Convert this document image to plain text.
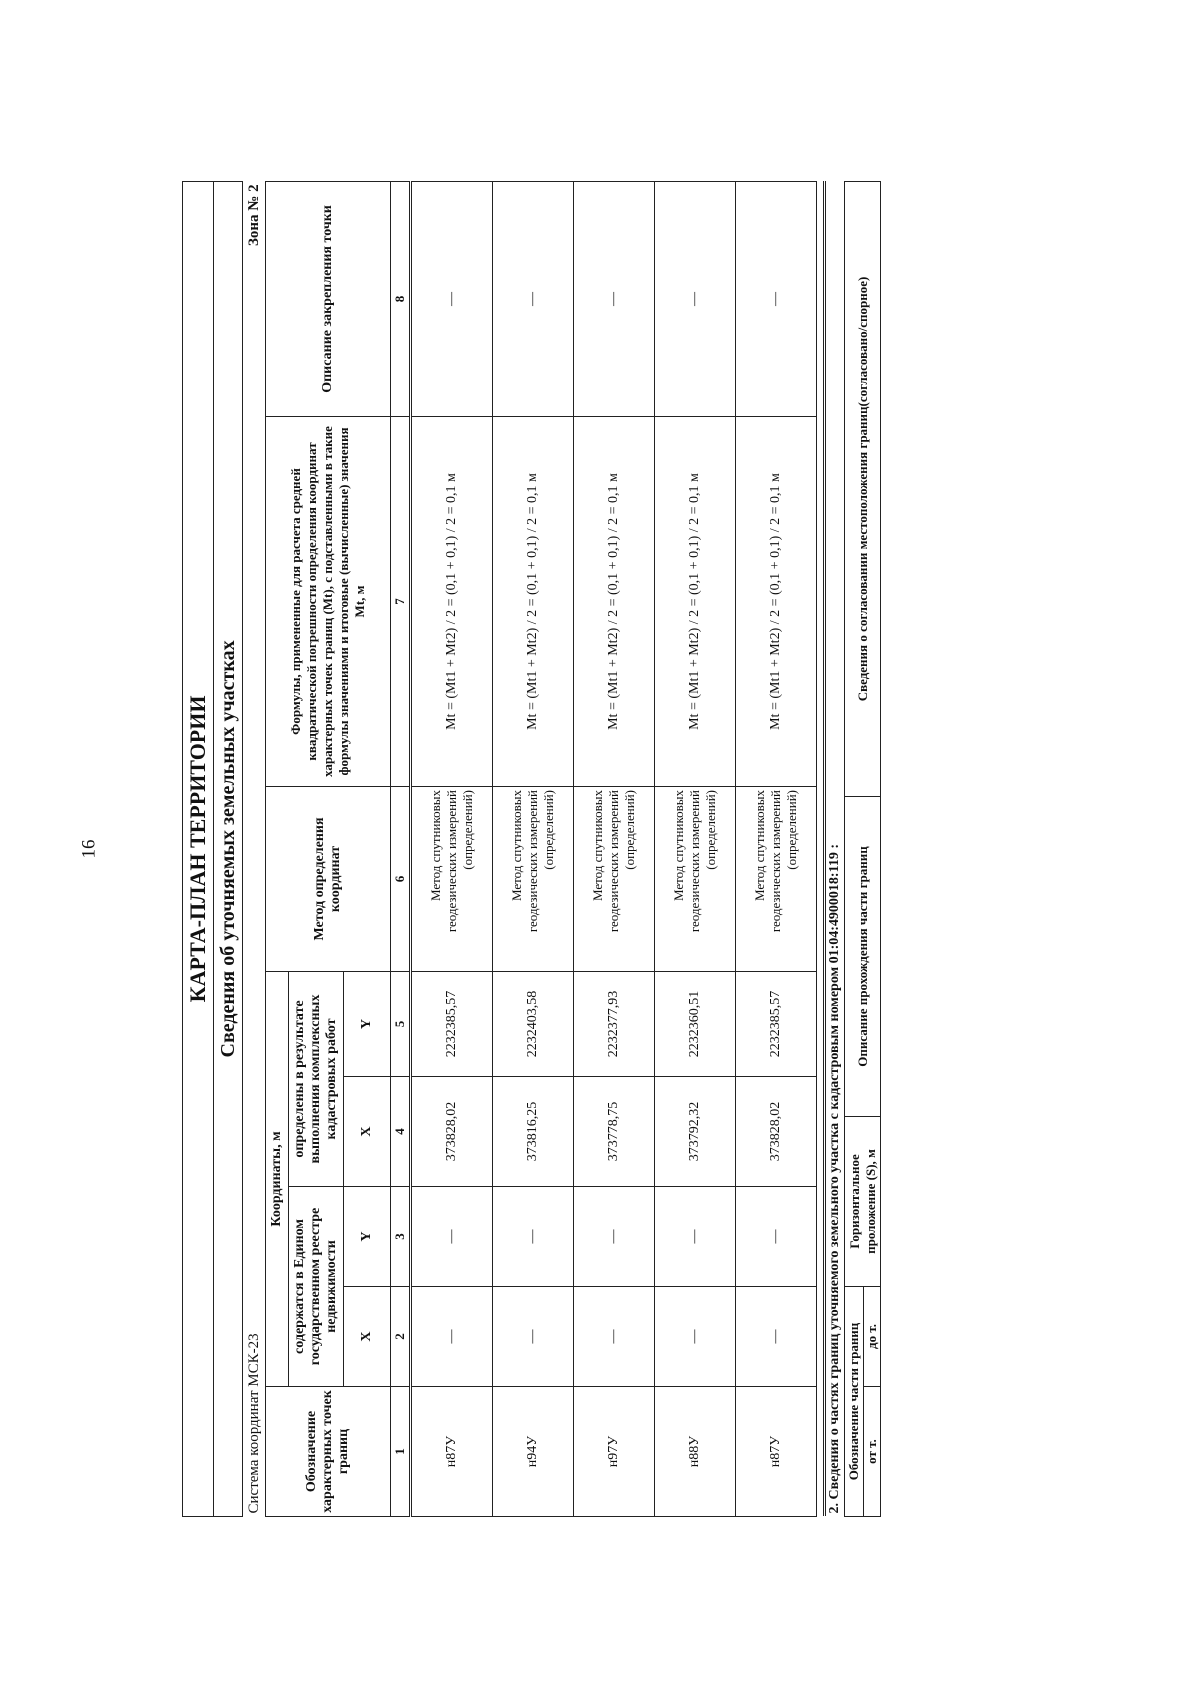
16	КАРТА-ПЛАН ТЕРРИТОРИИ							
Сведения об уточняемых земельных участках							
Система координат МСК-23				Зона № 2			
Обозначение характерных точек границ	Координаты, м				Метод определения координат	Формулы, примененные для расчета средней квадратической погрешности определения координат характерных точек границ (Мt), с подставленными в такие формулы значениями и итоговые (вычисленные) значения Мt, м	Описание закрепления точки
	содержатся в Едином государственном реестре недвижимости		определены в результате выполнения комплексных кадастровых работ				
	X	Y	X	Y			
1	2	3	4	5	6	7	8
н87У	—	—	373828,02	2232385,57	Метод спутниковых геодезических измерений (определений)	Mt = (Mt1 + Mt2) / 2 = (0,1 + 0,1) / 2 = 0,1 м	—
н94У	—	—	373816,25	2232403,58	Метод спутниковых геодезических измерений (определений)	Mt = (Mt1 + Mt2) / 2 = (0,1 + 0,1) / 2 = 0,1 м	—
н97У	—	—	373778,75	2232377,93	Метод спутниковых геодезических измерений (определений)	Mt = (Mt1 + Mt2) / 2 = (0,1 + 0,1) / 2 = 0,1 м	—
н88У	—	—	373792,32	2232360,51	Метод спутниковых геодезических измерений (определений)	Mt = (Mt1 + Mt2) / 2 = (0,1 + 0,1) / 2 = 0,1 м	—
н87У	—	—	373828,02	2232385,57	Метод спутниковых геодезических измерений (определений)	Mt = (Mt1 + Mt2) / 2 = (0,1 + 0,1) / 2 = 0,1 м	—

2. Сведения о частях границ уточняемого земельного участка с кадастровым номером 01:04:4900018:119 :							Обозначение части границ		Горизонтальное проложение (S), м	Описание прохождения части границ	Сведения о согласовании местоположения границ(согласовано/спорное)
от т.	до т.			
